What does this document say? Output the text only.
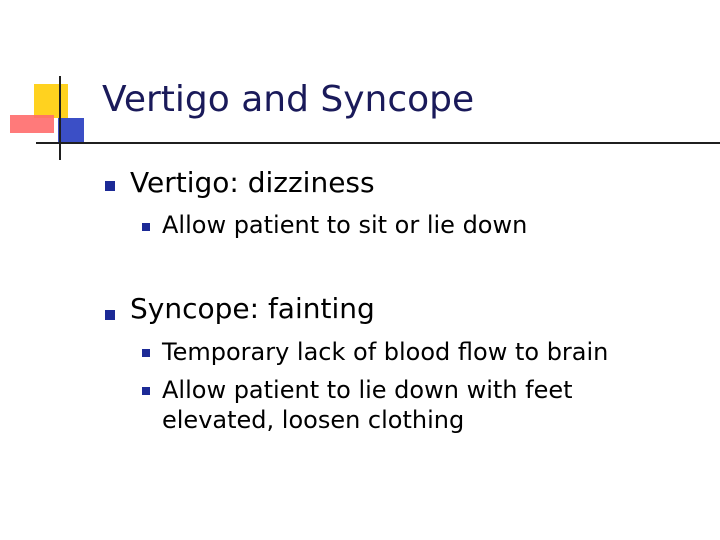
Vertigo and Syncope
Vertigo: dizziness
Allow patient to sit or lie down
Syncope: fainting
Temporary lack of blood flow to brain
Allow patient to lie down with feet elevated, loosen clothing
